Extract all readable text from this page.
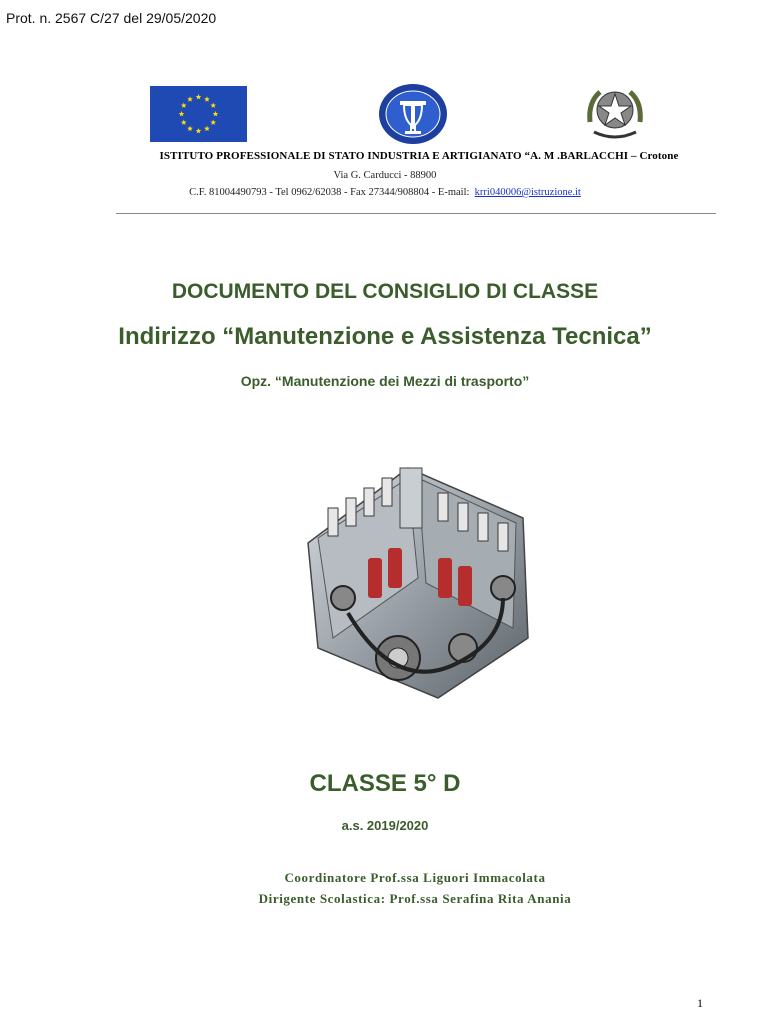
Prot. n. 2567 C/27 del 29/05/2020
ISTITUTO PROFESSIONALE DI STATO INDUSTRIA E ARTIGIANATO “A. M .BARLACCHI – Crotone
Via G. Carducci - 88900
C.F. 81004490793 - Tel 0962/62038 - Fax 27344/908804 - E-mail: krri040006@istruzione.it
DOCUMENTO DEL CONSIGLIO DI CLASSE
Indirizzo “Manutenzione e Assistenza Tecnica”
Opz. “Manutenzione dei Mezzi di trasporto”
CLASSE 5° D
a.s. 2019/2020
Coordinatore Prof.ssa Liguori Immacolata
Dirigente Scolastica: Prof.ssa Serafina Rita Anania
1
